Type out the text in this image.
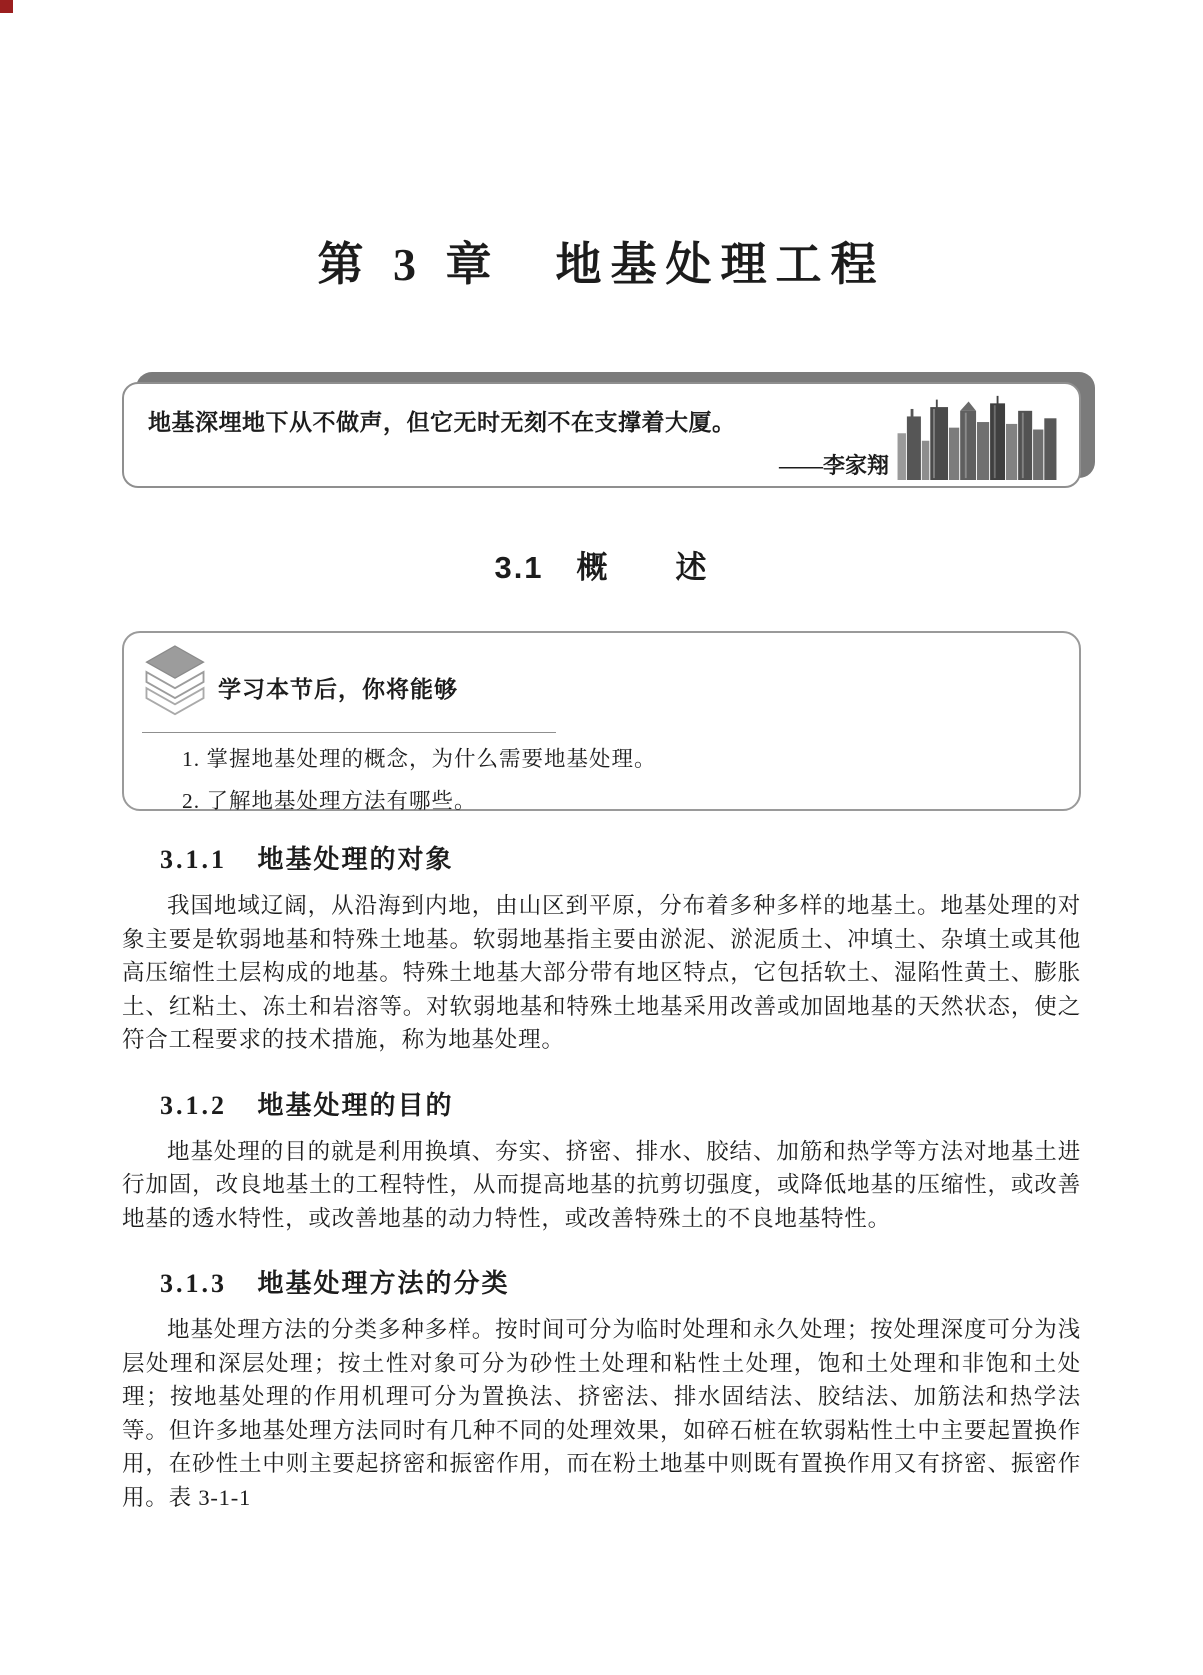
第 3 章　地基处理工程
地基深埋地下从不做声，但它无时无刻不在支撑着大厦。
——李家翔
3.1　概　　述
学习本节后，你将能够
1. 掌握地基处理的概念，为什么需要地基处理。
2. 了解地基处理方法有哪些。
3.1.1 地基处理的对象

我国地域辽阔，从沿海到内地，由山区到平原，分布着多种多样的地基土。地基处理的对象主要是软弱地基和特殊土地基。软弱地基指主要由淤泥、淤泥质土、冲填土、杂填土或其他高压缩性土层构成的地基。特殊土地基大部分带有地区特点，它包括软土、湿陷性黄土、膨胀土、红粘土、冻土和岩溶等。对软弱地基和特殊土地基采用改善或加固地基的天然状态，使之符合工程要求的技术措施，称为地基处理。

3.1.2 地基处理的目的

地基处理的目的就是利用换填、夯实、挤密、排水、胶结、加筋和热学等方法对地基土进行加固，改良地基土的工程特性，从而提高地基的抗剪切强度，或降低地基的压缩性，或改善地基的透水特性，或改善地基的动力特性，或改善特殊土的不良地基特性。

3.1.3 地基处理方法的分类

地基处理方法的分类多种多样。按时间可分为临时处理和永久处理；按处理深度可分为浅层处理和深层处理；按土性对象可分为砂性土处理和粘性土处理，饱和土处理和非饱和土处理；按地基处理的作用机理可分为置换法、挤密法、排水固结法、胶结法、加筋法和热学法等。但许多地基处理方法同时有几种不同的处理效果，如碎石桩在软弱粘性土中主要起置换作用，在砂性土中则主要起挤密和振密作用，而在粉土地基中则既有置换作用又有挤密、振密作用。表 3-1-1
